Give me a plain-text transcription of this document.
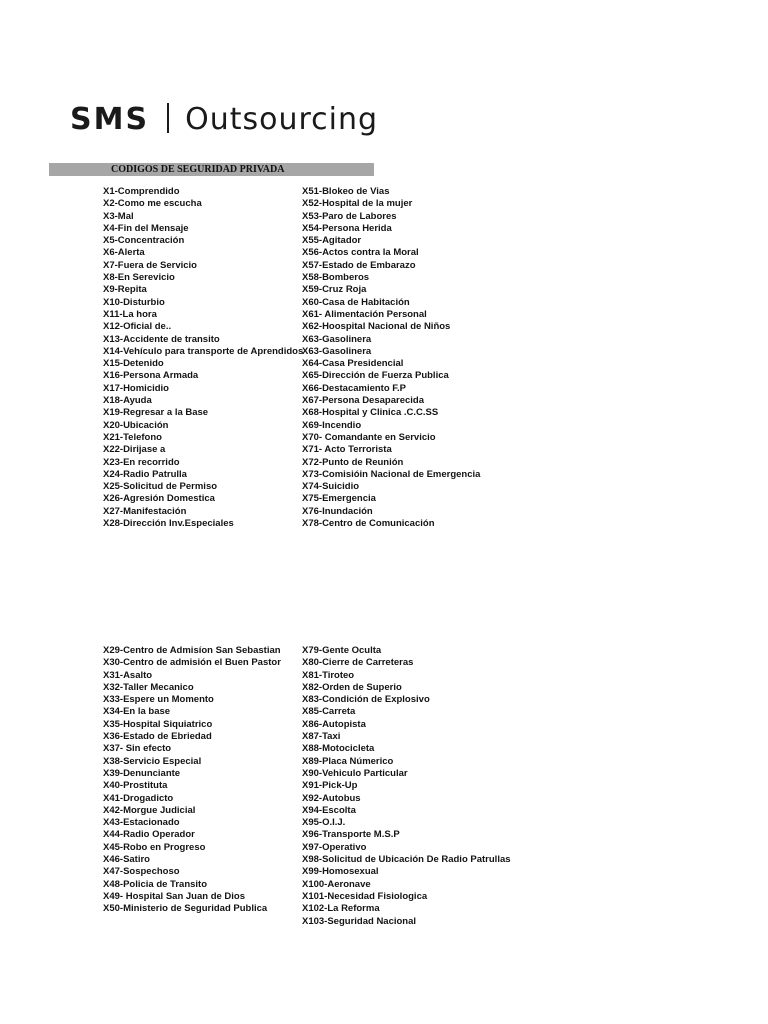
SMS Outsourcing
CODIGOS DE SEGURIDAD PRIVADA
X1-Comprendido
X2-Como me escucha
X3-Mal
X4-Fin del Mensaje
X5-Concentración
X6-Alerta
X7-Fuera de Servicio
X8-En Serevicio
X9-Repita
X10-Disturbio
X11-La hora
X12-Oficial de..
X13-Accidente de transito
X14-Vehículo para transporte de Aprendidos
X15-Detenido
X16-Persona Armada
X17-Homicidio
X18-Ayuda
X19-Regresar a la Base
X20-Ubicación
X21-Telefono
X22-Dirijase a
X23-En recorrido
X24-Radio Patrulla
X25-Solicitud de Permiso
X26-Agresión Domestica
X27-Manifestación
X28-Dirección Inv.Especiales
X51-Blokeo de Vias
X52-Hospital de la mujer
X53-Paro de Labores
X54-Persona Herida
X55-Agitador
X56-Actos contra la Moral
X57-Estado de Embarazo
X58-Bomberos
X59-Cruz Roja
X60-Casa de Habitación
X61- Alimentación Personal
X62-Hoospital Nacional de Niños
X63-Gasolinera
X63-Gasolinera
X64-Casa Presidencial
X65-Dirección de Fuerza Publica
X66-Destacamiento F.P
X67-Persona Desaparecida
X68-Hospital y Clinica .C.C.SS
X69-Incendio
X70- Comandante en Servicio
X71- Acto Terrorista
X72-Punto de Reunión
X73-Comisióin Nacional de Emergencia
X74-Suicidio
X75-Emergencia
X76-Inundación
X78-Centro de Comunicación
X29-Centro de Admisíon San Sebastian
X30-Centro de admisión el Buen Pastor
X31-Asalto
X32-Taller Mecanico
X33-Espere un Momento
X34-En la base
X35-Hospital Siquiatrico
X36-Estado de Ebriedad
X37- Sin efecto
X38-Servicio Especial
X39-Denunciante
X40-Prostituta
X41-Drogadicto
X42-Morgue Judicial
X43-Estacionado
X44-Radio Operador
X45-Robo en Progreso
X46-Satiro
X47-Sospechoso
X48-Policia de Transito
X49- Hospital San Juan de Dios
X50-Ministerio de Seguridad Publica
X79-Gente Oculta
X80-Cierre de Carreteras
X81-Tiroteo
X82-Orden de Superio
X83-Condición de Explosivo
X85-Carreta
X86-Autopista
X87-Taxi
X88-Motocicleta
X89-Placa Númerico
X90-Vehiculo Particular
X91-Pick-Up
X92-Autobus
X94-Escolta
X95-O.I.J.
X96-Transporte M.S.P
X97-Operativo
X98-Solicitud de Ubicación De Radio Patrullas
X99-Homosexual
X100-Aeronave
X101-Necesidad Fisiologica
X102-La Reforma
X103-Seguridad Nacional
